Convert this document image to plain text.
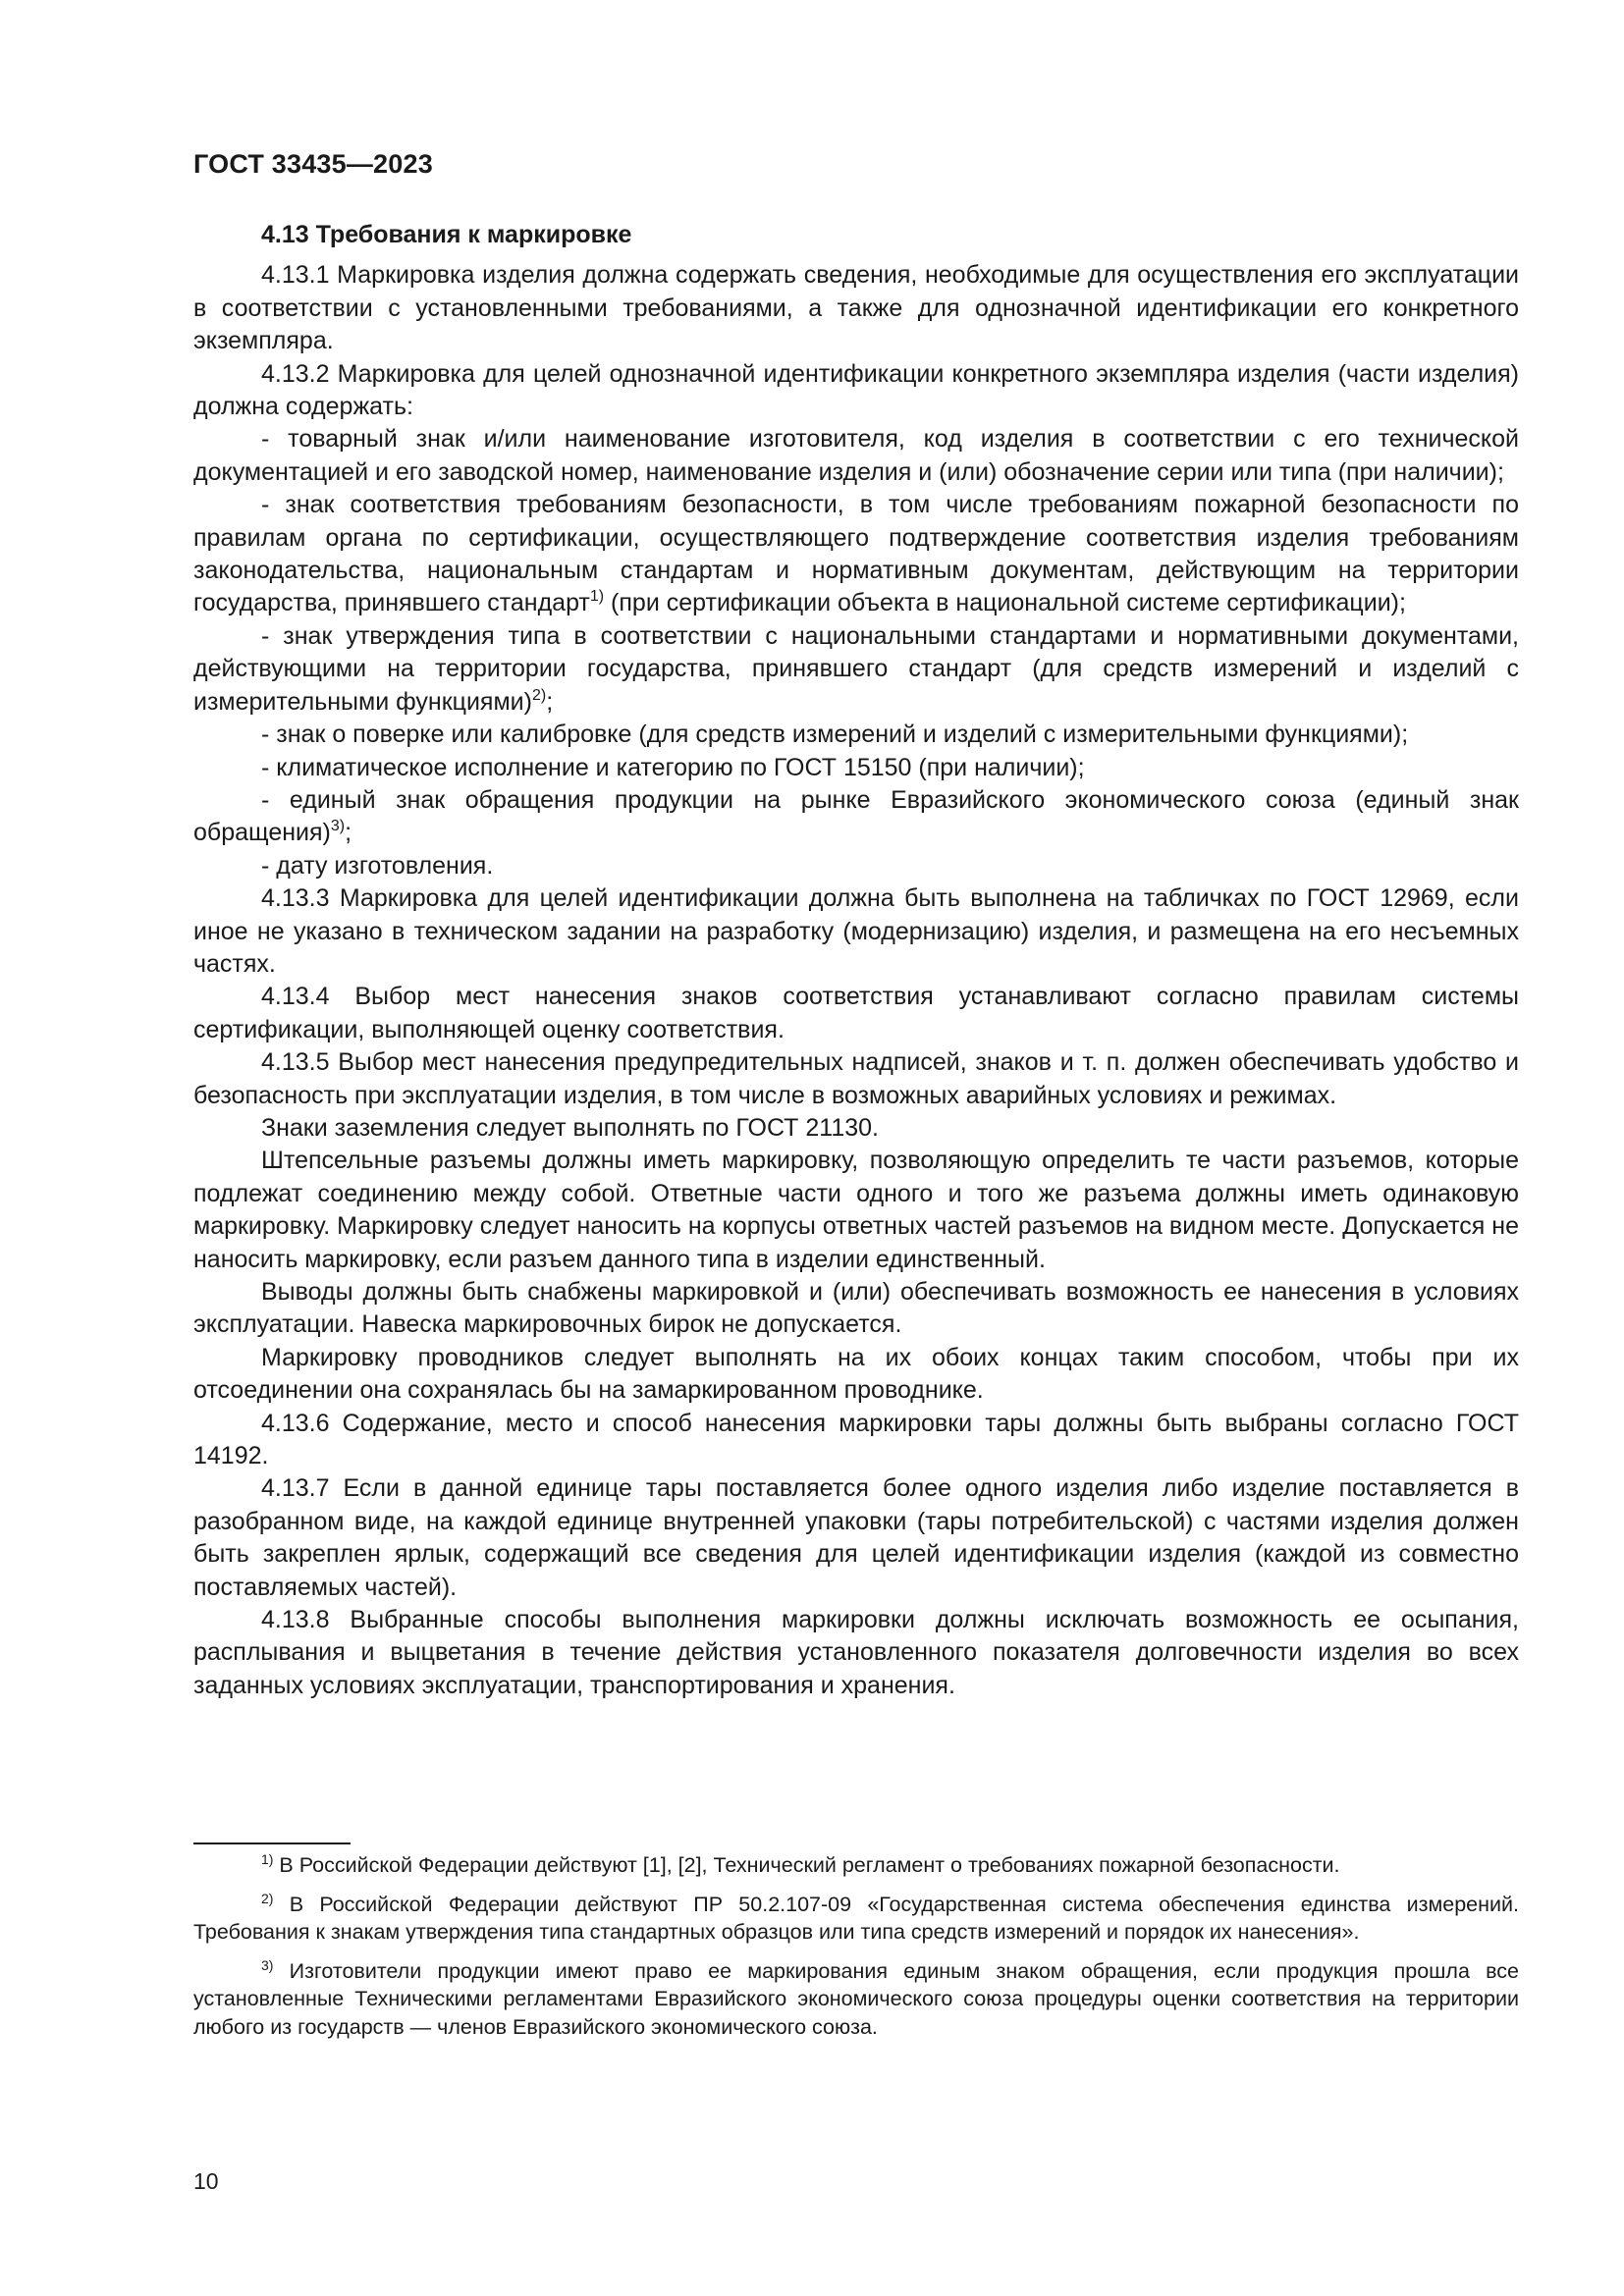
ГОСТ 33435—2023

4.13 Требования к маркировке

4.13.1 Маркировка изделия должна содержать сведения, необходимые для осуществления его эксплуатации в соответствии с установленными требованиями, а также для однозначной идентификации его конкретного экземпляра.

4.13.2 Маркировка для целей однозначной идентификации конкретного экземпляра изделия (части изделия) должна содержать:

- товарный знак и/или наименование изготовителя, код изделия в соответствии с его технической документацией и его заводской номер, наименование изделия и (или) обозначение серии или типа (при наличии);

- знак соответствия требованиям безопасности, в том числе требованиям пожарной безопасности по правилам органа по сертификации, осуществляющего подтверждение соответствия изделия требованиям законодательства, национальным стандартам и нормативным документам, действующим на территории государства, принявшего стандарт$^{1)}$ (при сертификации объекта в национальной системе сертификации);

- знак утверждения типа в соответствии с национальными стандартами и нормативными документами, действующими на территории государства, принявшего стандарт (для средств измерений и изделий с измерительными функциями)$^{2)}$;

- знак о поверке или калибровке (для средств измерений и изделий с измерительными функциями);

- климатическое исполнение и категорию по ГОСТ 15150 (при наличии);

- единый знак обращения продукции на рынке Евразийского экономического союза (единый знак обращения)$^{3)}$;

- дату изготовления.

4.13.3 Маркировка для целей идентификации должна быть выполнена на табличках по ГОСТ 12969, если иное не указано в техническом задании на разработку (модернизацию) изделия, и размещена на его несъемных частях.

4.13.4 Выбор мест нанесения знаков соответствия устанавливают согласно правилам системы сертификации, выполняющей оценку соответствия.

4.13.5 Выбор мест нанесения предупредительных надписей, знаков и т. п. должен обеспечивать удобство и безопасность при эксплуатации изделия, в том числе в возможных аварийных условиях и режимах.

Знаки заземления следует выполнять по ГОСТ 21130.

Штепсельные разъемы должны иметь маркировку, позволяющую определить те части разъемов, которые подлежат соединению между собой. Ответные части одного и того же разъема должны иметь одинаковую маркировку. Маркировку следует наносить на корпусы ответных частей разъемов на видном месте. Допускается не наносить маркировку, если разъем данного типа в изделии единственный.

Выводы должны быть снабжены маркировкой и (или) обеспечивать возможность ее нанесения в условиях эксплуатации. Навеска маркировочных бирок не допускается.

Маркировку проводников следует выполнять на их обоих концах таким способом, чтобы при их отсоединении она сохранялась бы на замаркированном проводнике.

4.13.6 Содержание, место и способ нанесения маркировки тары должны быть выбраны согласно ГОСТ 14192.

4.13.7 Если в данной единице тары поставляется более одного изделия либо изделие поставляется в разобранном виде, на каждой единице внутренней упаковки (тары потребительской) с частями изделия должен быть закреплен ярлык, содержащий все сведения для целей идентификации изделия (каждой из совместно поставляемых частей).

4.13.8 Выбранные способы выполнения маркировки должны исключать возможность ее осыпания, расплывания и выцветания в течение действия установленного показателя долговечности изделия во всех заданных условиях эксплуатации, транспортирования и хранения.

$^{1)}$ В Российской Федерации действуют [1], [2], Технический регламент о требованиях пожарной безопасности.

$^{2)}$ В Российской Федерации действуют ПР 50.2.107-09 «Государственная система обеспечения единства измерений. Требования к знакам утверждения типа стандартных образцов или типа средств измерений и порядок их нанесения».

$^{3)}$ Изготовители продукции имеют право ее маркирования единым знаком обращения, если продукция прошла все установленные Техническими регламентами Евразийского экономического союза процедуры оценки соответствия на территории любого из государств — членов Евразийского экономического союза.

10
